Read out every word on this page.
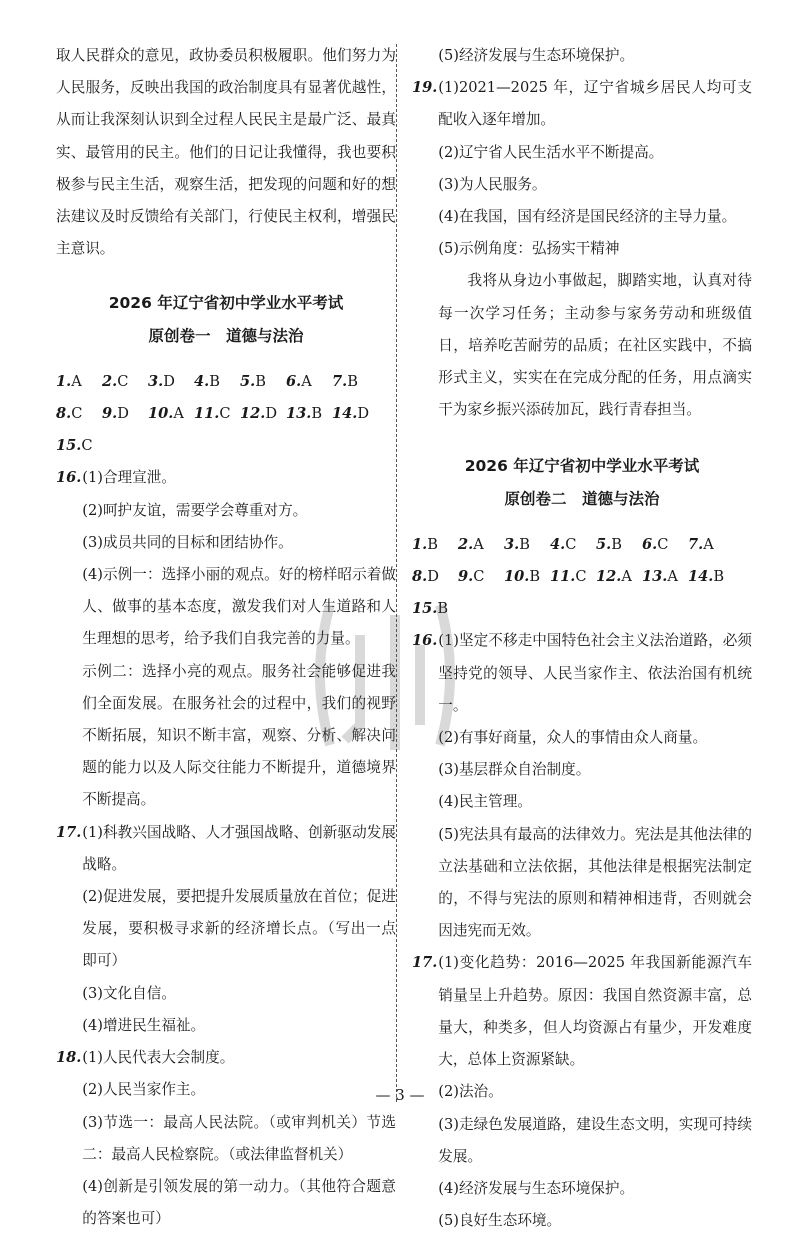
取人民群众的意见，政协委员积极履职。他们努力为人民服务，反映出我国的政治制度具有显著优越性，从而让我深刻认识到全过程人民民主是最广泛、最真实、最管用的民主。他们的日记让我懂得，我也要积极参与民主生活，观察生活，把发现的问题和好的想法建议及时反馈给有关部门，行使民主权利，增强民主意识。

2026 年辽宁省初中学业水平考试
原创卷一　道德与法治
1.A	2.C	3.D	4.B	5.B	6.A	7.B
8.C	9.D	10.A 11.C 12.D 13.B 14.D
15.C
16. (1)合理宣泄。

(2)呵护友谊，需要学会尊重对方。

(3)成员共同的目标和团结协作。

(4)示例一：选择小丽的观点。好的榜样昭示着做人、做事的基本态度，激发我们对人生道路和人生理想的思考，给予我们自我完善的力量。

示例二：选择小亮的观点。服务社会能够促进我们全面发展。在服务社会的过程中，我们的视野不断拓展，知识不断丰富，观察、分析、解决问题的能力以及人际交往能力不断提升，道德境界不断提高。

17. (1)科教兴国战略、人才强国战略、创新驱动发展战略。

(2)促进发展，要把提升发展质量放在首位；促进发展，要积极寻求新的经济增长点。（写出一点即可）

(3)文化自信。

(4)增进民生福祉。

18. (1)人民代表大会制度。

(2)人民当家作主。

(3)节选一：最高人民法院。（或审判机关）节选二：最高人民检察院。（或法律监督机关）

(4)创新是引领发展的第一动力。（其他符合题意的答案也可）

(5)经济发展与生态环境保护。

19. (1)2021—2025 年，辽宁省城乡居民人均可支配收入逐年增加。

(2)辽宁省人民生活水平不断提高。

(3)为人民服务。

(4)在我国，国有经济是国民经济的主导力量。

(5)示例角度：弘扬实干精神

我将从身边小事做起，脚踏实地，认真对待每一次学习任务；主动参与家务劳动和班级值日，培养吃苦耐劳的品质；在社区实践中，不搞形式主义，实实在在完成分配的任务，用点滴实干为家乡振兴添砖加瓦，践行青春担当。

2026 年辽宁省初中学业水平考试
原创卷二　道德与法治
1.B	2.A	3.B	4.C	5.B	6.C	7.A
8.D	9.C	10.B 11.C 12.A 13.A 14.B
15.B
16. (1)坚定不移走中国特色社会主义法治道路，必须坚持党的领导、人民当家作主、依法治国有机统一。

(2)有事好商量，众人的事情由众人商量。

(3)基层群众自治制度。

(4)民主管理。

(5)宪法具有最高的法律效力。宪法是其他法律的立法基础和立法依据，其他法律是根据宪法制定的，不得与宪法的原则和精神相违背，否则就会因违宪而无效。

17. (1)变化趋势：2016—2025 年我国新能源汽车销量呈上升趋势。原因：我国自然资源丰富，总量大，种类多，但人均资源占有量少，开发难度大，总体上资源紧缺。

(2)法治。

(3)走绿色发展道路，建设生态文明，实现可持续发展。

(4)经济发展与生态环境保护。

(5)良好生态环境。

— 3 —
